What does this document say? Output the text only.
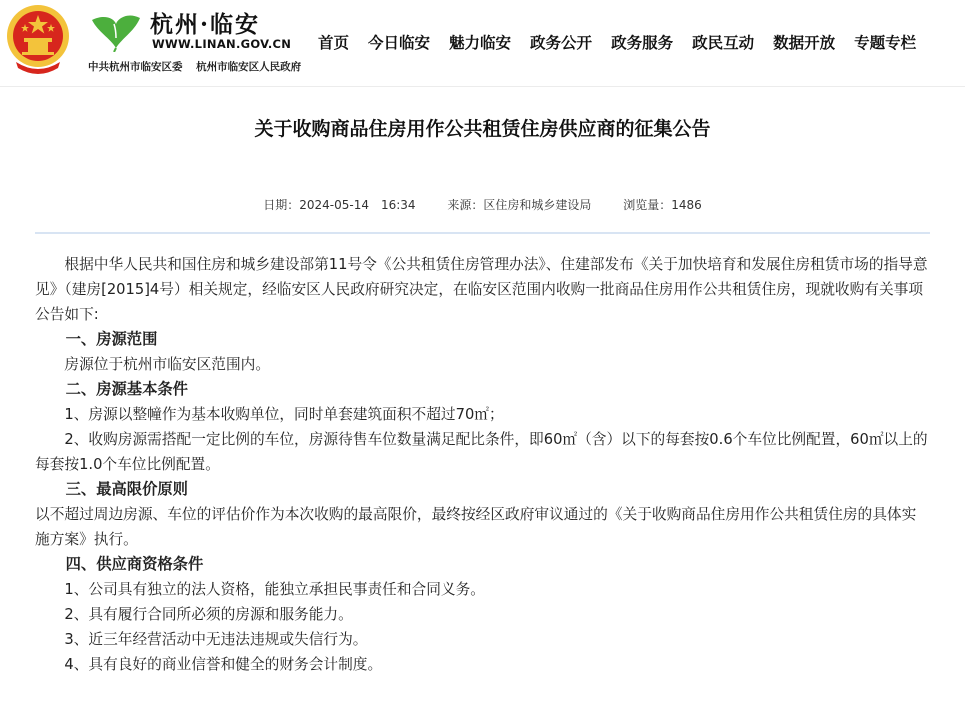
杭州·临安
WWW.LINAN.GOV.CN
中共杭州市临安区委 杭州市临安区人民政府
首页 今日临安 魅力临安 政务公开 政务服务 政民互动 数据开放 专题专栏
关于收购商品住房用作公共租赁住房供应商的征集公告
日期：2024-05-14　16:34	来源：区住房和城乡建设局	浏览量：1486

根据中华人民共和国住房和城乡建设部第11号令《公共租赁住房管理办法》、住建部发布《关于加快培育和发展住房租赁市场的指导意见》（建房[2015]4号）相关规定，经临安区人民政府研究决定，在临安区范围内收购一批商品住房用作公共租赁住房，现就收购有关事项公告如下:

一、房源范围

房源位于杭州市临安区范围内。

二、房源基本条件

1、房源以整幢作为基本收购单位，同时单套建筑面积不超过70㎡；

2、收购房源需搭配一定比例的车位，房源待售车位数量满足配比条件，即60㎡（含）以下的每套按0.6个车位比例配置，60㎡以上的每套按1.0个车位比例配置。

三、最高限价原则

以不超过周边房源、车位的评估价作为本次收购的最高限价，最终按经区政府审议通过的《关于收购商品住房用作公共租赁住房的具体实施方案》执行。

四、供应商资格条件

1、公司具有独立的法人资格，能独立承担民事责任和合同义务。

2、具有履行合同所必须的房源和服务能力。

3、近三年经营活动中无违法违规或失信行为。

4、具有良好的商业信誉和健全的财务会计制度。
